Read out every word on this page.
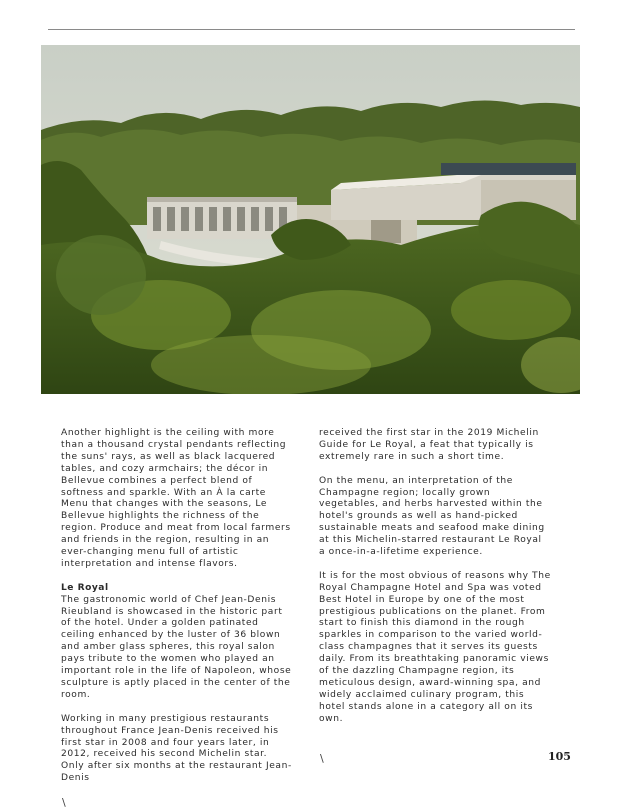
Another highlight is the ceiling with more than a thousand crystal pendants reflecting the suns' rays, as well as black lacquered tables, and cozy armchairs; the décor in Bellevue combines a perfect blend of softness and sparkle. With an À la carte Menu that changes with the seasons, Le Bellevue highlights the richness of the region. Produce and meat from local farmers and friends in the region, resulting in an ever-changing menu full of artistic interpretation and intense flavors.

Le Royal

The gastronomic world of Chef Jean-Denis Rieubland is showcased in the historic part of the hotel. Under a golden patinated ceiling enhanced by the luster of 36 blown and amber glass spheres, this royal salon pays tribute to the women who played an important role in the life of Napoleon, whose sculpture is aptly placed in the center of the room.

Working in many prestigious restaurants throughout France Jean-Denis received his first star in 2008 and four years later, in 2012, received his second Michelin star. Only after six months at the restaurant Jean-Denis

received the first star in the 2019 Michelin Guide for Le Royal, a feat that typically is extremely rare in such a short time.

On the menu, an interpretation of the Champagne region; locally grown vegetables, and herbs harvested within the hotel's grounds as well as hand-picked sustainable meats and seafood make dining at this Michelin-starred restaurant Le Royal a once-in-a-lifetime experience.

It is for the most obvious of reasons why The Royal Champagne Hotel and Spa was voted Best Hotel in Europe by one of the most prestigious publications on the planet. From start to finish this diamond in the rough sparkles in comparison to the varied world-class champagnes that it serves its guests daily. From its breathtaking panoramic views of the dazzling Champagne region, its meticulous design, award-winning spa, and widely acclaimed culinary program, this hotel stands alone in a category all on its own.

\	105
\
